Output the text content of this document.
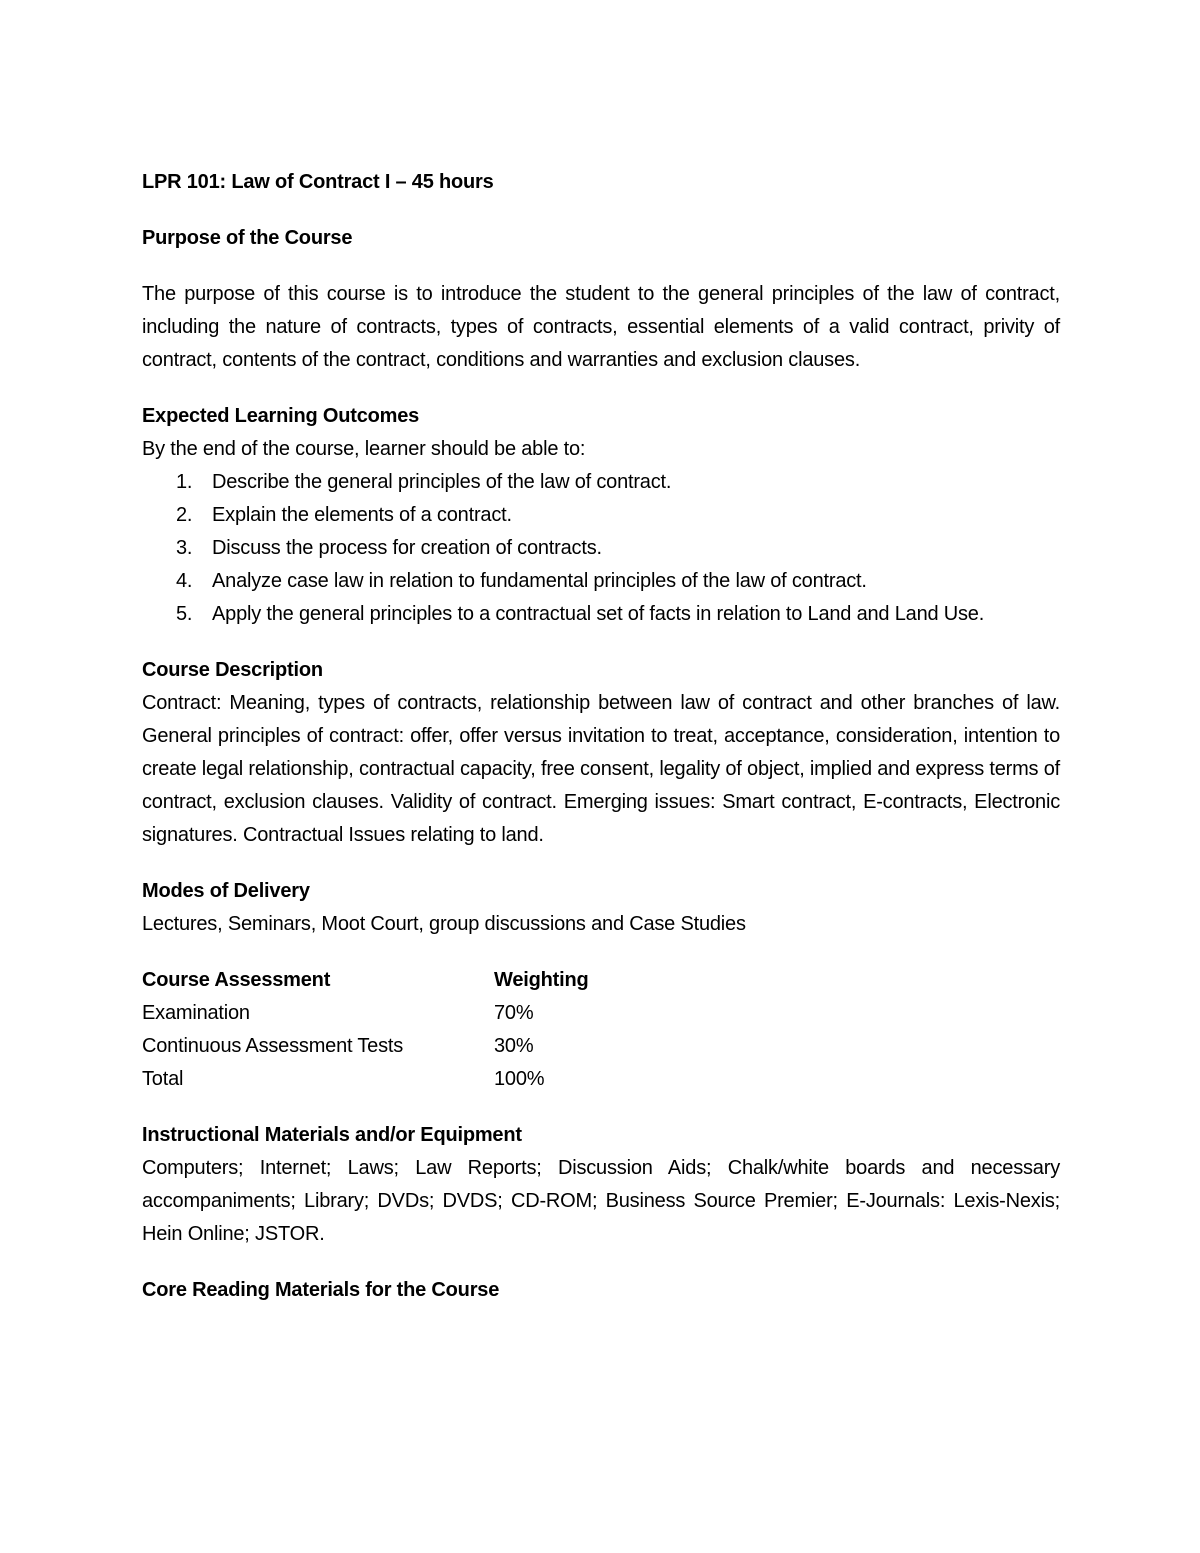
LPR 101: Law of Contract I – 45 hours

Purpose of the Course

The purpose of this course is to introduce the student to the general principles of the law of contract, including the nature of contracts, types of contracts, essential elements of a valid contract, privity of contract, contents of the contract, conditions and warranties and exclusion clauses.

Expected Learning Outcomes

By the end of the course, learner should be able to:

1. Describe the general principles of the law of contract.
2. Explain the elements of a contract.
3. Discuss the process for creation of contracts.
4. Analyze case law in relation to fundamental principles of the law of contract.
5. Apply the general principles to a contractual set of facts in relation to Land and Land Use.

Course Description

Contract: Meaning, types of contracts, relationship between law of contract and other branches of law. General principles of contract: offer, offer versus invitation to treat, acceptance, consideration, intention to create legal relationship, contractual capacity, free consent, legality of object, implied and express terms of contract, exclusion clauses. Validity of contract. Emerging issues: Smart contract, E-contracts, Electronic signatures. Contractual Issues relating to land.

Modes of Delivery

Lectures, Seminars, Moot Court, group discussions and Case Studies

Course Assessment	Weighting
Examination	70%
Continuous Assessment Tests	30%
Total	100%

Instructional Materials and/or Equipment

Computers; Internet; Laws; Law Reports; Discussion Aids; Chalk/white boards and necessary accompaniments; Library; DVDs; DVDS; CD-ROM; Business Source Premier; E-Journals: Lexis-Nexis; Hein Online; JSTOR.

Core Reading Materials for the Course
